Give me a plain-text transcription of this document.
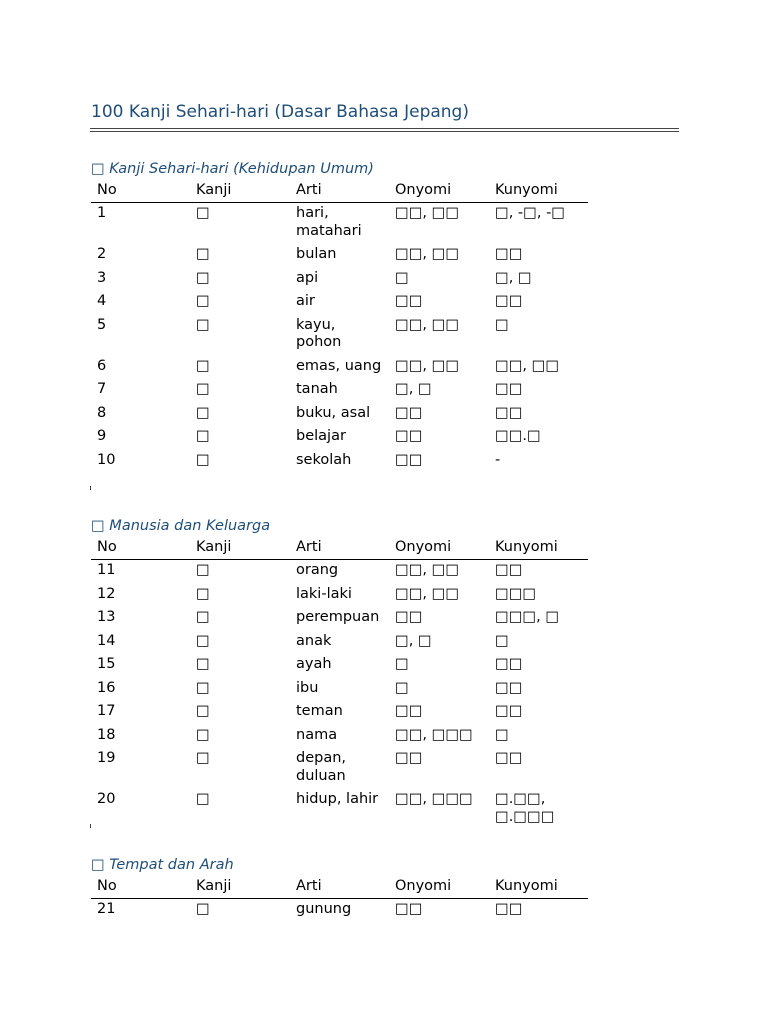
100 Kanji Sehari-hari (Dasar Bahasa Jepang)
□ Kanji Sehari-hari (Kehidupan Umum)
No	Kanji	Arti	Onyomi	Kunyomi
1	□	hari, matahari	□□, □□	□, -□, -□
2	□	bulan	□□, □□	□□
3	□	api	□	□, □
4	□	air	□□	□□
5	□	kayu, pohon	□□, □□	□
6	□	emas, uang	□□, □□	□□, □□
7	□	tanah	□, □	□□
8	□	buku, asal	□□	□□
9	□	belajar	□□	□□.□
10	□	sekolah	□□	-
□ Manusia dan Keluarga
No	Kanji	Arti	Onyomi	Kunyomi
11	□	orang	□□, □□	□□
12	□	laki-laki	□□, □□	□□□
13	□	perempuan	□□	□□□, □
14	□	anak	□, □	□
15	□	ayah	□	□□
16	□	ibu	□	□□
17	□	teman	□□	□□
18	□	nama	□□, □□□	□
19	□	depan, duluan	□□	□□
20	□	hidup, lahir	□□, □□□	□.□□, □.□□□
□ Tempat dan Arah
No	Kanji	Arti	Onyomi	Kunyomi
21	□	gunung	□□	□□
